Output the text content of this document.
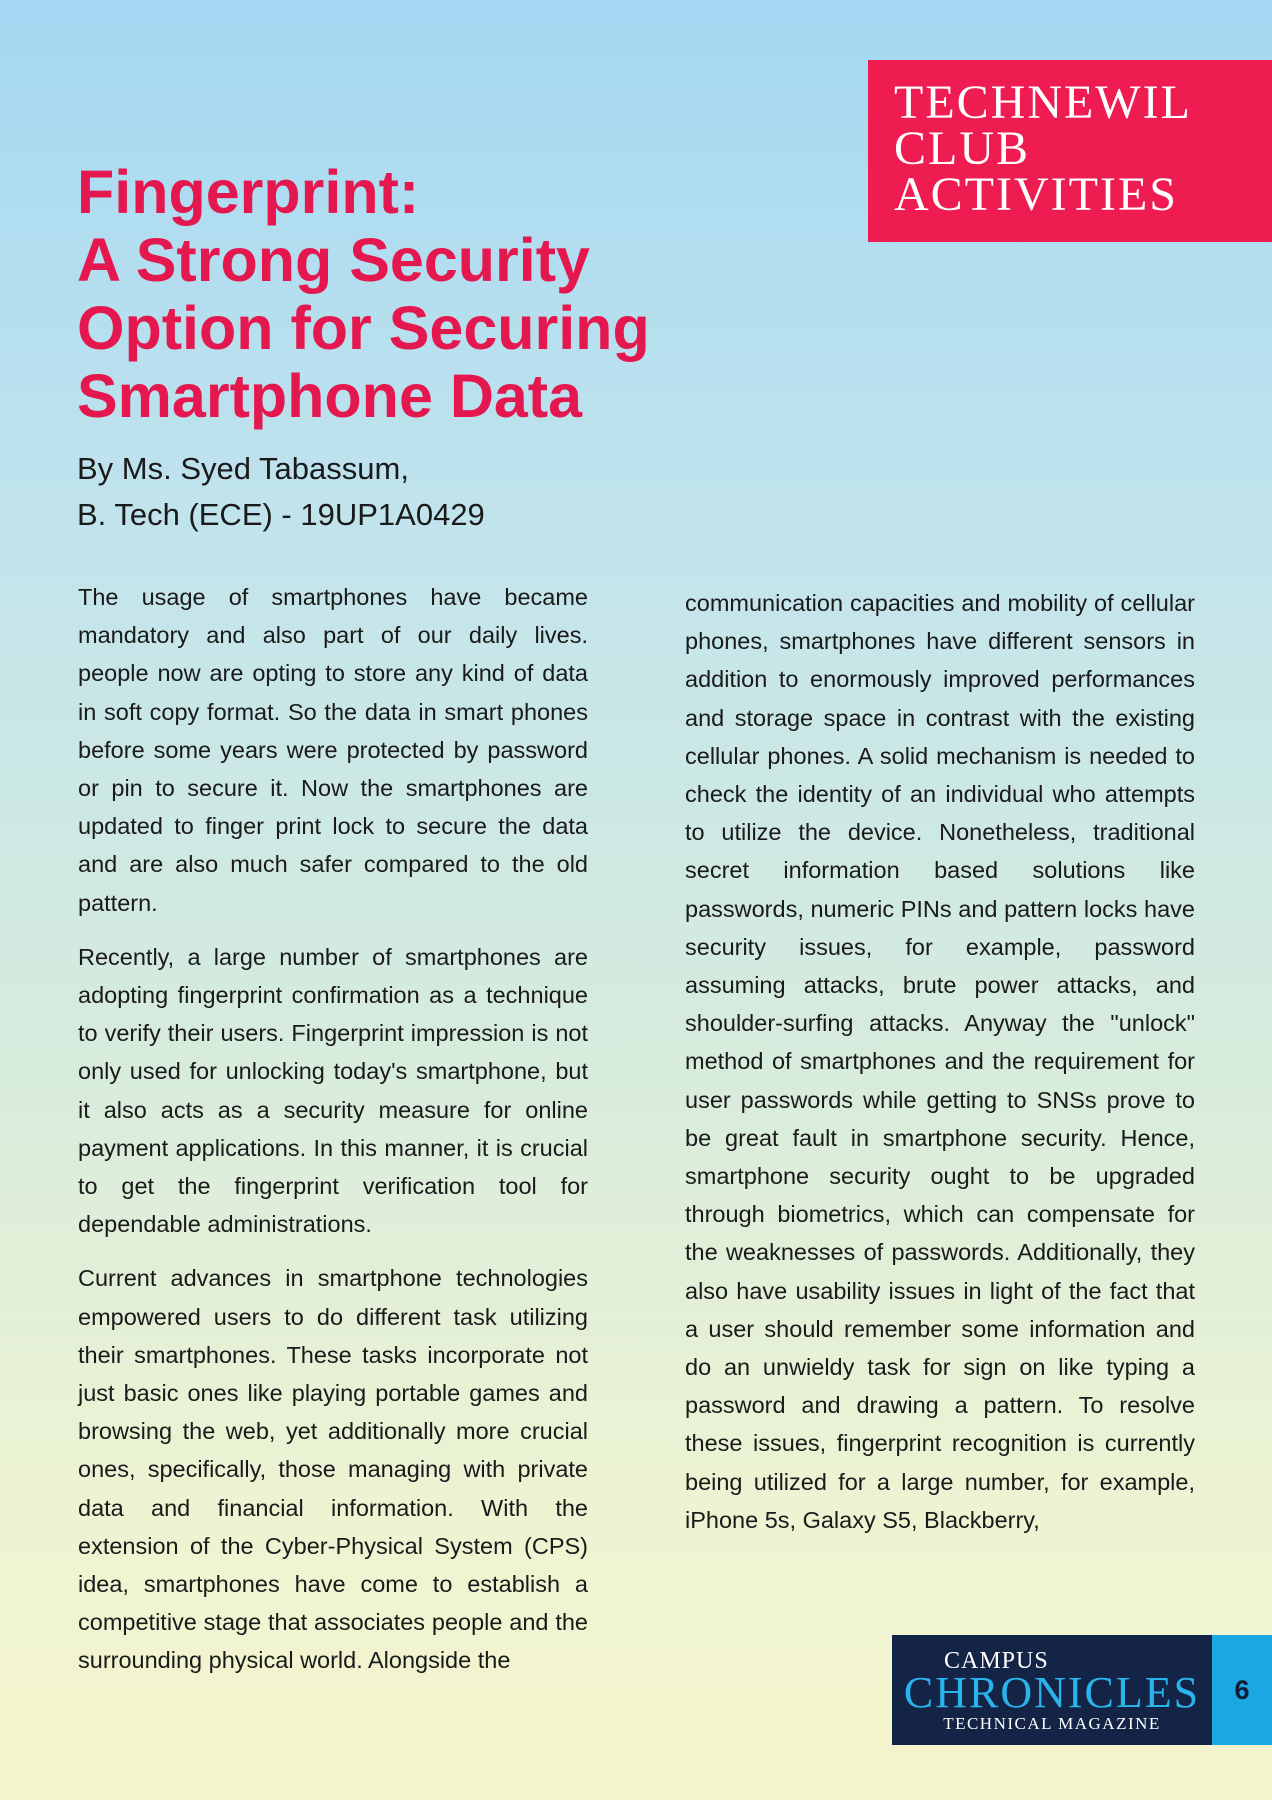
TECHNEWIL
CLUB
ACTIVITIES
Fingerprint:
A Strong Security
Option for Securing
Smartphone Data
By Ms. Syed Tabassum,
B. Tech (ECE) - 19UP1A0429

The usage of smartphones have became mandatory and also part of our daily lives. people now are opting to store any kind of data in soft copy format. So the data in smart phones before some years were protected by password or pin to secure it. Now the smartphones are updated to finger print lock to secure the data and are also much safer compared to the old pattern.

Recently, a large number of smartphones are adopting fingerprint confirmation as a technique to verify their users. Fingerprint impression is not only used for unlocking today's smartphone, but it also acts as a security measure for online payment applications. In this manner, it is crucial to get the fingerprint verification tool for dependable administrations.

Current advances in smartphone technologies empowered users to do different task utilizing their smartphones. These tasks incorporate not just basic ones like playing portable games and browsing the web, yet additionally more crucial ones, specifically, those managing with private data and financial information. With the extension of the Cyber-Physical System (CPS) idea, smartphones have come to establish a competitive stage that associates people and the surrounding physical world. Alongside the

communication capacities and mobility of cellular phones, smartphones have different sensors in addition to enormously improved performances and storage space in contrast with the existing cellular phones. A solid mechanism is needed to check the identity of an individual who attempts to utilize the device. Nonetheless, traditional secret information based solutions like passwords, numeric PINs and pattern locks have security issues, for example, password assuming attacks, brute power attacks, and shoulder-surfing attacks. Anyway the "unlock" method of smartphones and the requirement for user passwords while getting to SNSs prove to be great fault in smartphone security. Hence, smartphone security ought to be upgraded through biometrics, which can compensate for the weaknesses of passwords. Additionally, they also have usability issues in light of the fact that a user should remember some information and do an unwieldy task for sign on like typing a password and drawing a pattern. To resolve these issues, fingerprint recognition is currently being utilized for a large number, for example, iPhone 5s, Galaxy S5, Blackberry,

CAMPUS
CHRONICLES
TECHNICAL MAGAZINE
6
